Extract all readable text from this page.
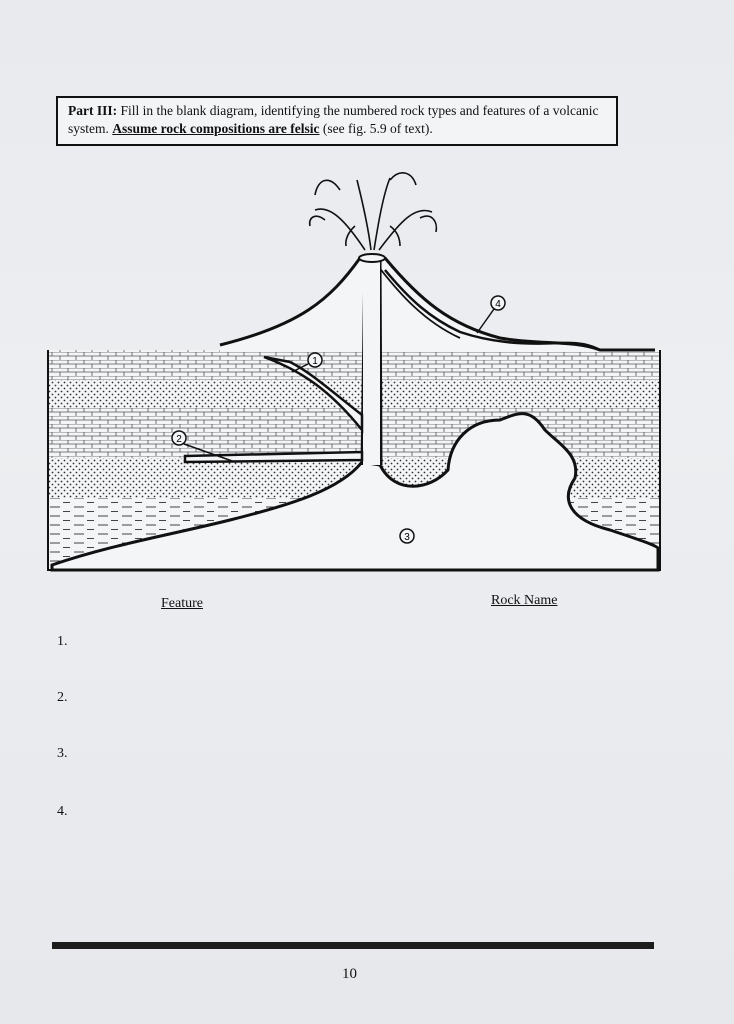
Part III: Fill in the blank diagram, identifying the numbered rock types and features of a volcanic system. Assume rock compositions are felsic (see fig. 5.9 of text).
1
2
3
4
Feature	Rock Name
1.
2.
3.
4.
10
